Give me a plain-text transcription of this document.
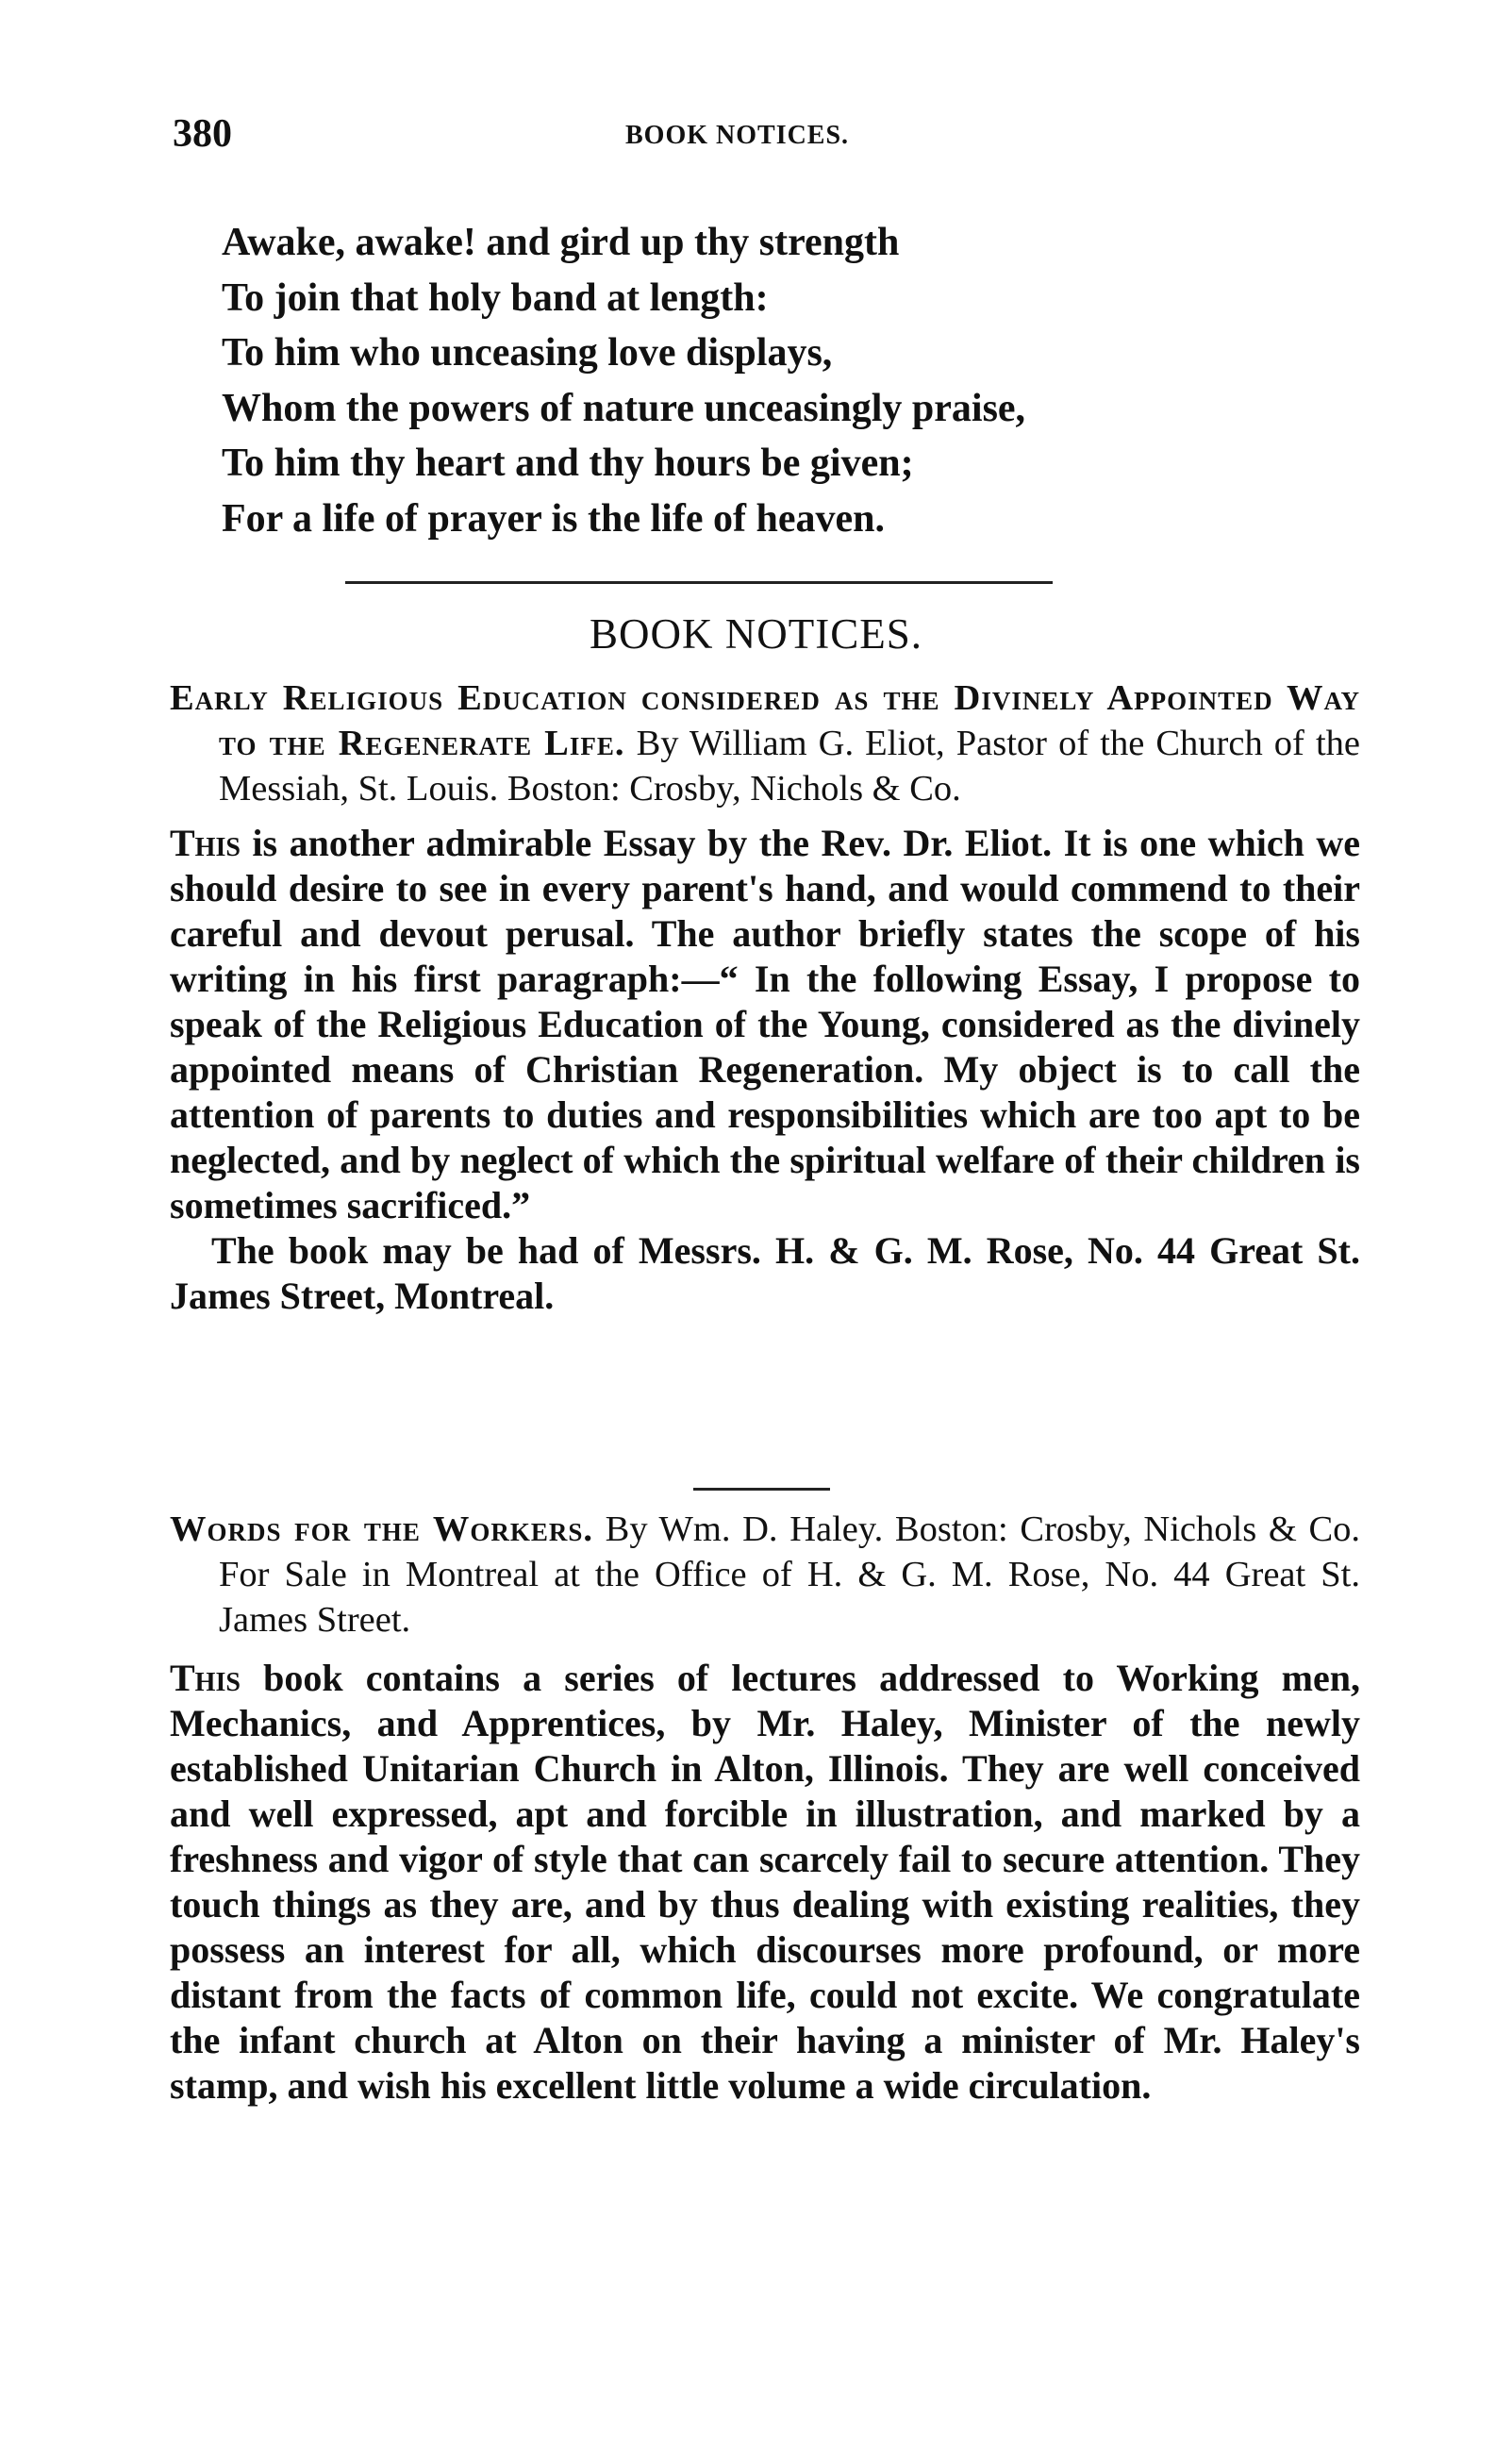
380	BOOK NOTICES.
Awake, awake! and gird up thy strength
To join that holy band at length:
To him who unceasing love displays,
Whom the powers of nature unceasingly praise,
To him thy heart and thy hours be given;
For a life of prayer is the life of heaven.
BOOK NOTICES.
Early Religious Education considered as the Divinely Appointed Way to the Regenerate Life. By William G. Eliot, Pastor of the Church of the Messiah, St. Louis. Boston: Crosby, Nichols & Co.

This is another admirable Essay by the Rev. Dr. Eliot. It is one which we should desire to see in every parent's hand, and would commend to their careful and devout perusal. The author briefly states the scope of his writing in his first paragraph:—“ In the following Essay, I propose to speak of the Religious Education of the Young, considered as the divinely appointed means of Christian Regeneration. My object is to call the attention of parents to duties and responsibilities which are too apt to be neglected, and by neglect of which the spiritual welfare of their children is sometimes sacrificed.”

The book may be had of Messrs. H. & G. M. Rose, No. 44 Great St. James Street, Montreal.

Words for the Workers. By Wm. D. Haley. Boston: Crosby, Nichols & Co. For Sale in Montreal at the Office of H. & G. M. Rose, No. 44 Great St. James Street.

This book contains a series of lectures addressed to Working men, Mechanics, and Apprentices, by Mr. Haley, Minister of the newly established Unitarian Church in Alton, Illinois. They are well conceived and well expressed, apt and forcible in illustration, and marked by a freshness and vigor of style that can scarcely fail to secure attention. They touch things as they are, and by thus dealing with existing realities, they possess an interest for all, which discourses more profound, or more distant from the facts of common life, could not excite. We congratulate the infant church at Alton on their having a minister of Mr. Haley's stamp, and wish his excellent little volume a wide circulation.
